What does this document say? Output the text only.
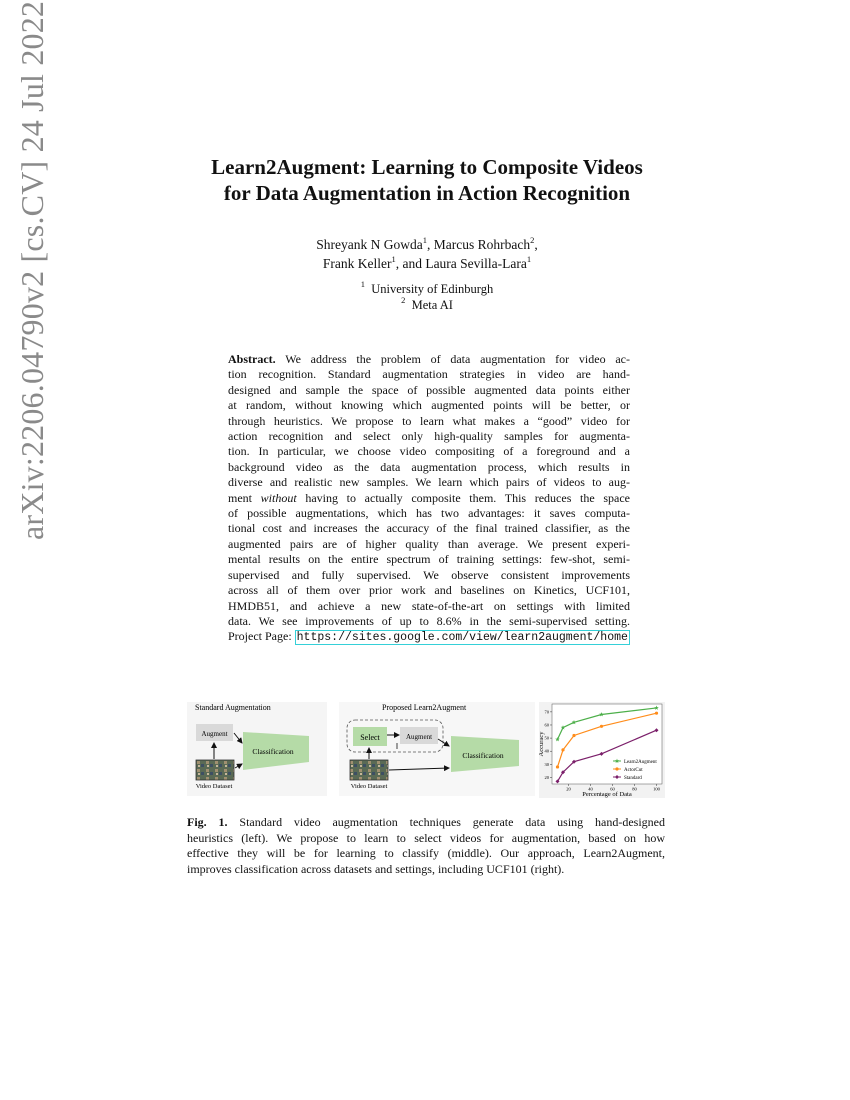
arXiv:2206.04790v2 [cs.CV] 24 Jul 2022	Learn2Augment: Learning to Composite Videos
for Data Augmentation in Action Recognition
Shreyank N Gowda$^1$, Marcus Rohrbach$^2$,
Frank Keller$^1$, and Laura Sevilla-Lara$^1$
$^1$ University of Edinburgh
$^2$ Meta AI
Abstract. We address the problem of data augmentation for video ac-
tion recognition. Standard augmentation strategies in video are hand-
designed and sample the space of possible augmented data points either
at random, without knowing which augmented points will be better, or
through heuristics. We propose to learn what makes a “good” video for
action recognition and select only high-quality samples for augmenta-
tion. In particular, we choose video compositing of a foreground and a
background video as the data augmentation process, which results in
diverse and realistic new samples. We learn which pairs of videos to aug-
ment without having to actually composite them. This reduces the space
of possible augmentations, which has two advantages: it saves computa-
tional cost and increases the accuracy of the final trained classifier, as the
augmented pairs are of higher quality than average. We present experi-
mental results on the entire spectrum of training settings: few-shot, semi-
supervised and fully supervised. We observe consistent improvements
across all of them over prior work and baselines on Kinetics, UCF101,
HMDB51, and achieve a new state-of-the-art on settings with limited
data. We see improvements of up to 8.6% in the semi-supervised setting.
Project Page: https://sites.google.com/view/learn2augment/home
Standard Augmentation
Augment
Classification
Video Dataset
Proposed Learn2Augment
Select	Augment
Classification
Video Dataset	20	40	60	80	100
20
30
40
50
60
70
Learn2Augment
ActorCut
Standard
Percentage of Data
Accuracy
Fig. 1. Standard video augmentation techniques generate data using hand-designed
heuristics (left). We propose to learn to select videos for augmentation, based on how
effective they will be for learning to classify (middle). Our approach, Learn2Augment,
improves classification across datasets and settings, including UCF101 (right).
